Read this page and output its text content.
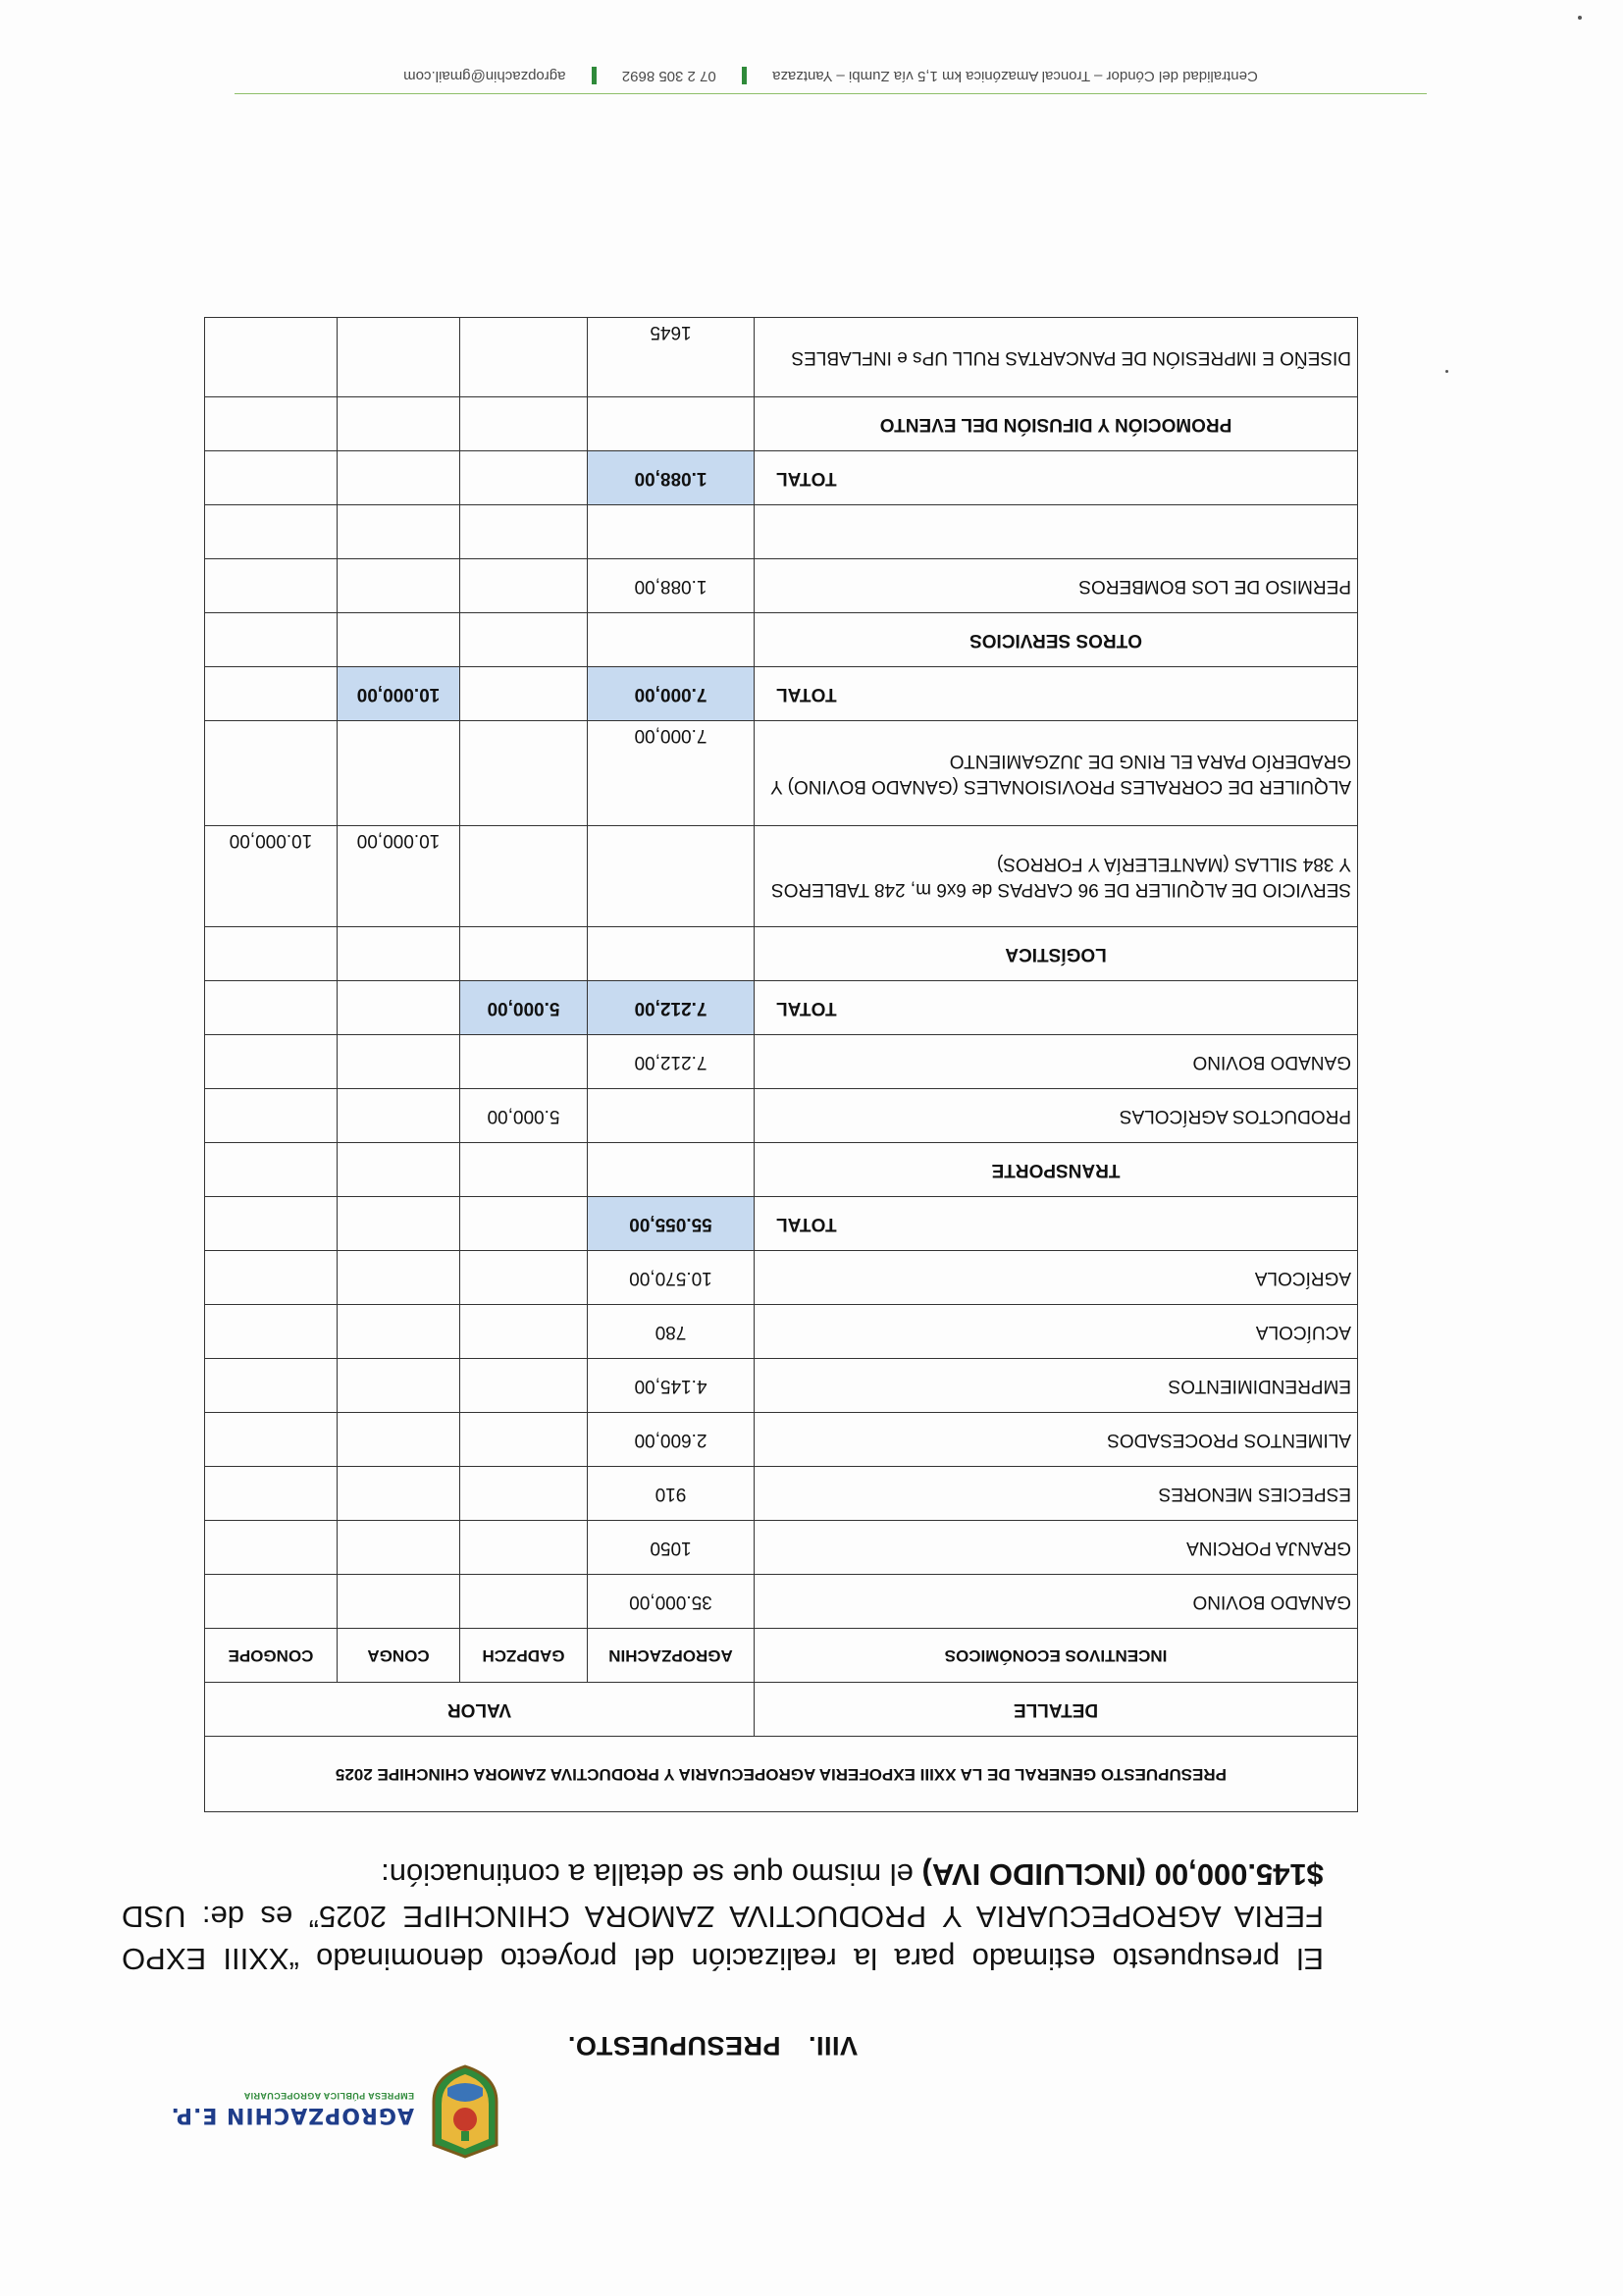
AGROPZACHIN E.P.
EMPRESA PÚBLICA AGROPECUARIA
VIII. PRESUPUESTO.
El presupuesto estimado para la realización del proyecto denominado “XXIII EXPO FERIA AGROPECUARIA Y PRODUCTIVA ZAMORA CHINCHIPE 2025” es de: USD $145.000,00 (INCLUIDO IVA) el mismo que se detalla a continuación:
PRESUPUESTO GENERAL DE LA XXIII EXPOFERIA AGROPECUARIA Y PRODUCTIVA ZAMORA CHINCHIPE 2025				
DETALLE	VALOR			
INCENTIVOS ECONÓMICOS	AGROPZACHIN	GADPZCH	CONGA	CONGOPE
GANADO BOVINO	35.000,00			
GRANJA PORCINA	1050			
ESPECIES MENORES	910			
ALIMENTOS PROCESADOS	2.600,00			
EMPRENDIMIENTOS	4.145,00			
ACUÍCOLA	780			
AGRÍCOLA	10.570,00			
TOTAL	55.055,00			
TRANSPORTE				
PRODUCTOS AGRÍCOLAS		5.000,00		
GANADO BOVINO	7.212,00			
TOTAL	7.212,00	5.000,00		
LOGÍSTICA				
SERVICIO DE ALQUILER DE 96 CARPAS de 6x6 m, 248 TABLEROS Y 384 SILLAS (MANTELERÍA Y FORROS)			10.000,00	10.000,00
ALQUILER DE CORRALES PROVISIONALES (GANADO BOVINO) Y GRADERÍO PARA EL RING DE JUZGAMIENTO	7.000,00			
TOTAL	7.000,00		10.000,00	
OTROS SERVICIOS				
PERMISO DE LOS BOMBEROS	1.088,00			

TOTAL	1.088,00			
PROMOCIÓN Y DIFUSIÓN DEL EVENTO				
DISEÑO E IMPRESIÓN DE PANCARTAS RULL UPs e INFLABLES	1645			
Centralidad del Cóndor – Troncal Amazónica km 1,5 vía Zumbi – Yantzaza  07 2 305 8692  agropzachin@gmail.com
